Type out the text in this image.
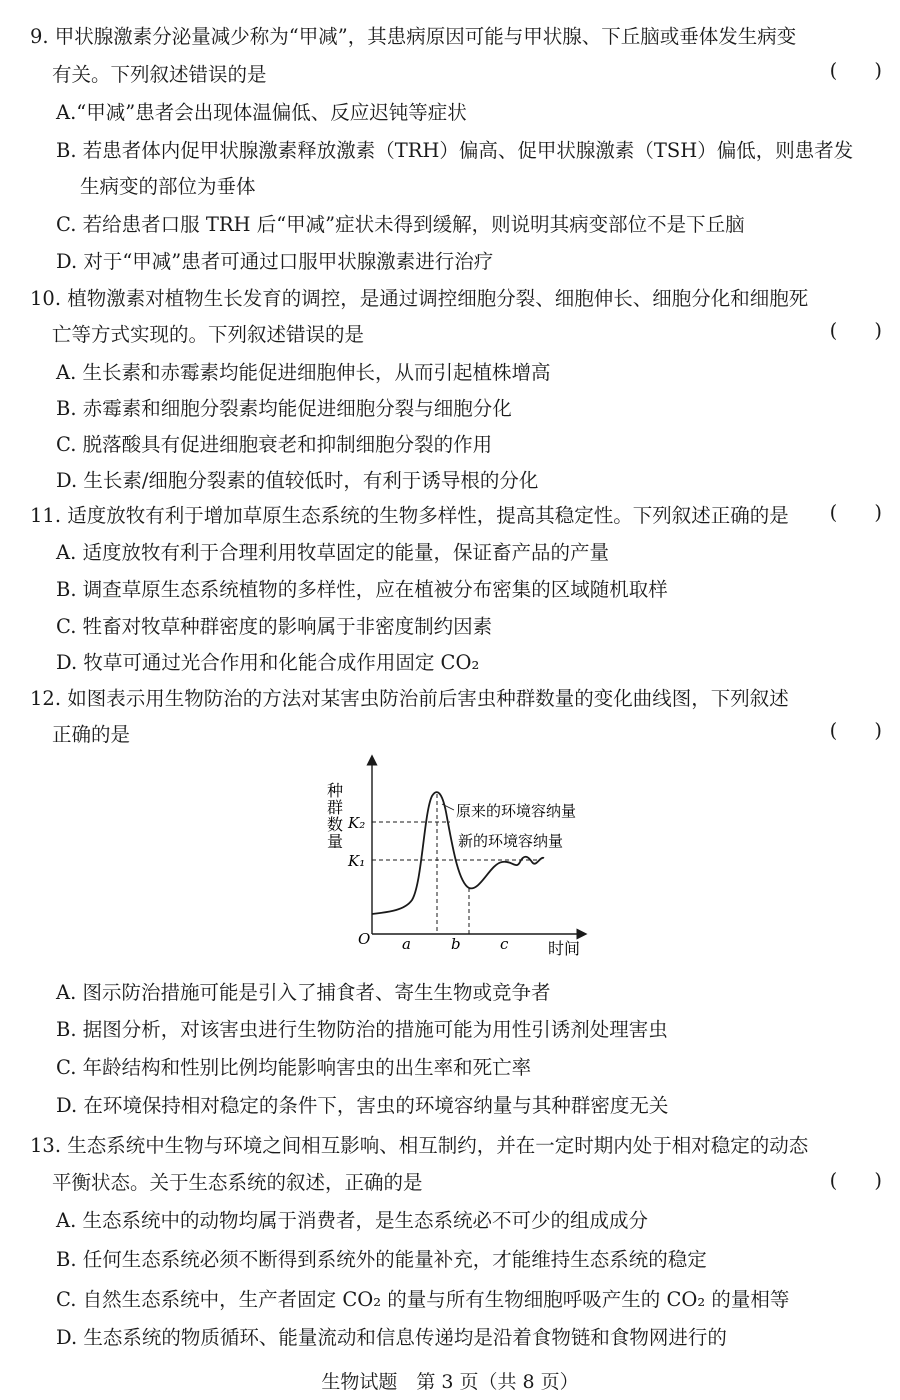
9. 甲状腺激素分泌量减少称为“甲减”，其患病原因可能与甲状腺、下丘脑或垂体发生病变
有关。下列叙述错误的是	(      )
A.“甲减”患者会出现体温偏低、反应迟钝等症状
B. 若患者体内促甲状腺激素释放激素（TRH）偏高、促甲状腺激素（TSH）偏低，则患者发
生病变的部位为垂体
C. 若给患者口服 TRH 后“甲减”症状未得到缓解，则说明其病变部位不是下丘脑
D. 对于“甲减”患者可通过口服甲状腺激素进行治疗
10. 植物激素对植物生长发育的调控，是通过调控细胞分裂、细胞伸长、细胞分化和细胞死
亡等方式实现的。下列叙述错误的是	(      )
A. 生长素和赤霉素均能促进细胞伸长，从而引起植株增高
B. 赤霉素和细胞分裂素均能促进细胞分裂与细胞分化
C. 脱落酸具有促进细胞衰老和抑制细胞分裂的作用
D. 生长素/细胞分裂素的值较低时，有利于诱导根的分化
11. 适度放牧有利于增加草原生态系统的生物多样性，提高其稳定性。下列叙述正确的是 (      )
A. 适度放牧有利于合理利用牧草固定的能量，保证畜产品的产量
B. 调查草原生态系统植物的多样性，应在植被分布密集的区域随机取样
C. 牲畜对牧草种群密度的影响属于非密度制约因素
D. 牧草可通过光合作用和化能合成作用固定 CO₂
12. 如图表示用生物防治的方法对某害虫防治前后害虫种群数量的变化曲线图，下列叙述
正确的是	(      )
种群数量 K₂
K₁
O a	b	c 时间
原来的环境容纳量
新的环境容纳量
A. 图示防治措施可能是引入了捕食者、寄生生物或竞争者
B. 据图分析，对该害虫进行生物防治的措施可能为用性引诱剂处理害虫
C. 年龄结构和性别比例均能影响害虫的出生率和死亡率
D. 在环境保持相对稳定的条件下，害虫的环境容纳量与其种群密度无关
13. 生态系统中生物与环境之间相互影响、相互制约，并在一定时期内处于相对稳定的动态
平衡状态。关于生态系统的叙述，正确的是	(      )
A. 生态系统中的动物均属于消费者，是生态系统必不可少的组成成分
B. 任何生态系统必须不断得到系统外的能量补充，才能维持生态系统的稳定
C. 自然生态系统中，生产者固定 CO₂ 的量与所有生物细胞呼吸产生的 CO₂ 的量相等
D. 生态系统的物质循环、能量流动和信息传递均是沿着食物链和食物网进行的
生物试题　第 3 页（共 8 页）
